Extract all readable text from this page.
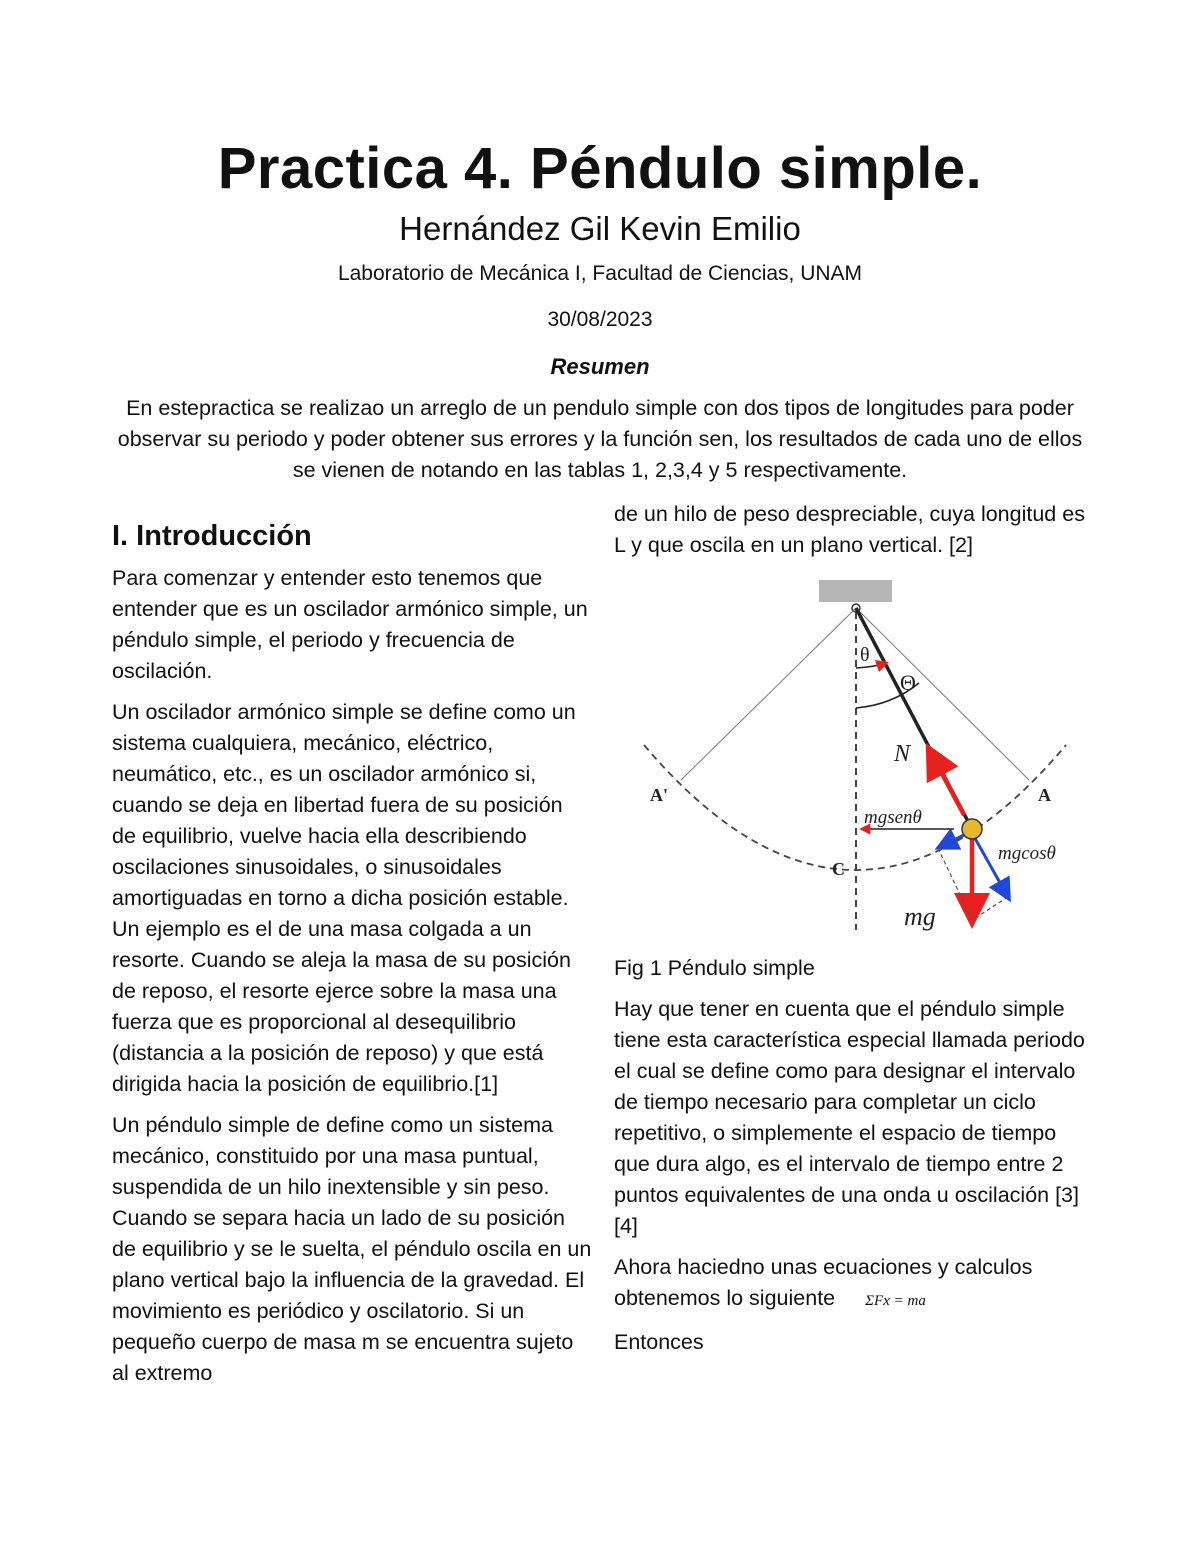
Practica 4. Péndulo simple.
Hernández Gil Kevin Emilio
Laboratorio de Mecánica I, Facultad de Ciencias, UNAM
30/08/2023
Resumen
En estepractica se realizao un arreglo de un pendulo simple con dos tipos de longitudes para poder observar su periodo y poder obtener sus errores y la función sen, los resultados de cada uno de ellos se vienen de notando en las tablas 1, 2,3,4 y 5 respectivamente.
I. Introducción

Para comenzar y entender esto tenemos que entender que es un oscilador armónico simple, un péndulo simple, el periodo y frecuencia de oscilación.

Un oscilador armónico simple se define como un sistema cualquiera, mecánico, eléctrico, neumático, etc., es un oscilador armónico si, cuando se deja en libertad fuera de su posición de equilibrio, vuelve hacia ella describiendo oscilaciones sinusoidales, o sinusoidales amortiguadas en torno a dicha posición estable. Un ejemplo es el de una masa colgada a un resorte. Cuando se aleja la masa de su posición de reposo, el resorte ejerce sobre la masa una fuerza que es proporcional al desequilibrio (distancia a la posición de reposo) y que está dirigida hacia la posición de equilibrio.[1]

Un péndulo simple de define como un sistema mecánico, constituido por una masa puntual, suspendida de un hilo inextensible y sin peso. Cuando se separa hacia un lado de su posición de equilibrio y se le suelta, el péndulo oscila en un plano vertical bajo la influencia de la gravedad. El movimiento es periódico y oscilatorio. Si un pequeño cuerpo de masa m se encuentra sujeto al extremo

de un hilo de peso despreciable, cuya longitud es L y que oscila en un plano vertical. [2]

θ
Θ
N
A'	A
C
mgsenθ
mgcosθ
mg

Fig 1 Péndulo simple

Hay que tener en cuenta que el péndulo simple tiene esta característica especial llamada periodo el cual se define como para designar el intervalo de tiempo necesario para completar un ciclo repetitivo, o simplemente el espacio de tiempo que dura algo, es el intervalo de tiempo entre 2 puntos equivalentes de una onda u oscilación [3] [4]

Ahora haciedno unas ecuaciones y calculos obtenemos lo siguiente ΣFx = ma

Entonces
